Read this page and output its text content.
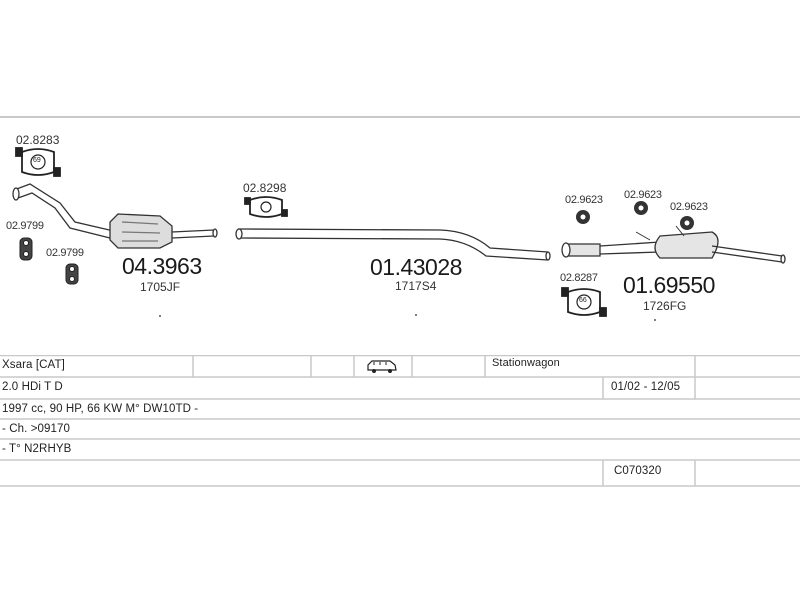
69
66
02.8283
02.9799
02.9799
02.8298
02.9623 02.9623
02.9623
02.8287
04.3963
1705JF
01.43028
1717S4	01.69550
1726FG
Xsara [CAT]	Stationwagon
2.0 HDi T D	01/02 - 12/05
1997 cc, 90 HP, 66 KW M° DW10TD -
- Ch. >09170
- T° N2RHYB
C070320
